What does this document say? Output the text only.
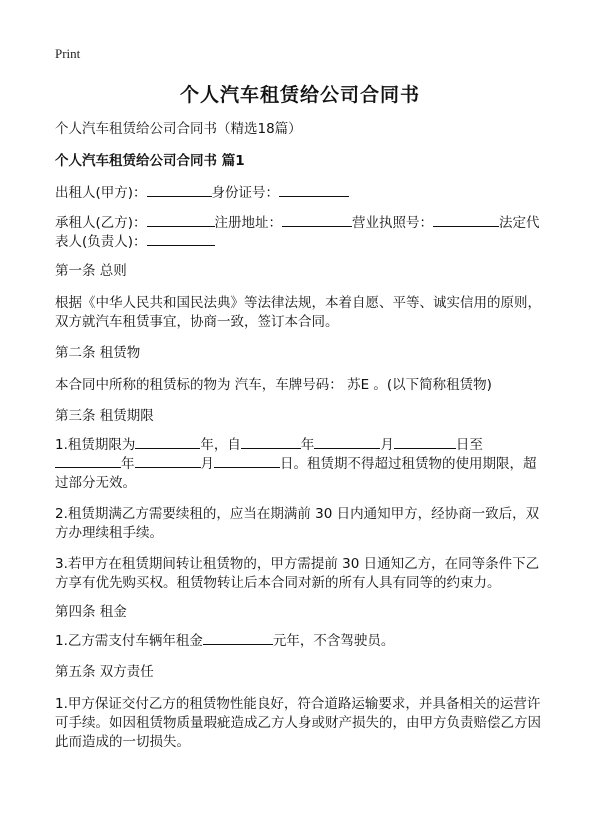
Print
个人汽车租赁给公司合同书

个人汽车租赁给公司合同书（精选18篇）

个人汽车租赁给公司合同书 篇1

出租人(甲方)：	身份证号：

承租人(乙方)：	注册地址：	营业执照号：	法定代

表人(负责人)：

第一条 总则

根据《中华人民共和国民法典》等法律法规，本着自愿、平等、诚实信用的原则，

双方就汽车租赁事宜，协商一致，签订本合同。

第二条 租赁物

本合同中所称的租赁标的物为 汽车，车牌号码： 苏E 。(以下简称租赁物)

第三条 租赁期限

1.租赁期限为	年，自	年	月	日至

年	月	日。租赁期不得超过租赁物的使用期限，超

过部分无效。

2.租赁期满乙方需要续租的，应当在期满前 30 日内通知甲方，经协商一致后，双

方办理续租手续。

3.若甲方在租赁期间转让租赁物的，甲方需提前 30 日通知乙方，在同等条件下乙

方享有优先购买权。租赁物转让后本合同对新的所有人具有同等的约束力。

第四条 租金

1.乙方需支付车辆年租金	元年，不含驾驶员。

第五条 双方责任

1.甲方保证交付乙方的租赁物性能良好，符合道路运输要求，并具备相关的运营许

可手续。如因租赁物质量瑕疵造成乙方人身或财产损失的，由甲方负责赔偿乙方因

此而造成的一切损失。
